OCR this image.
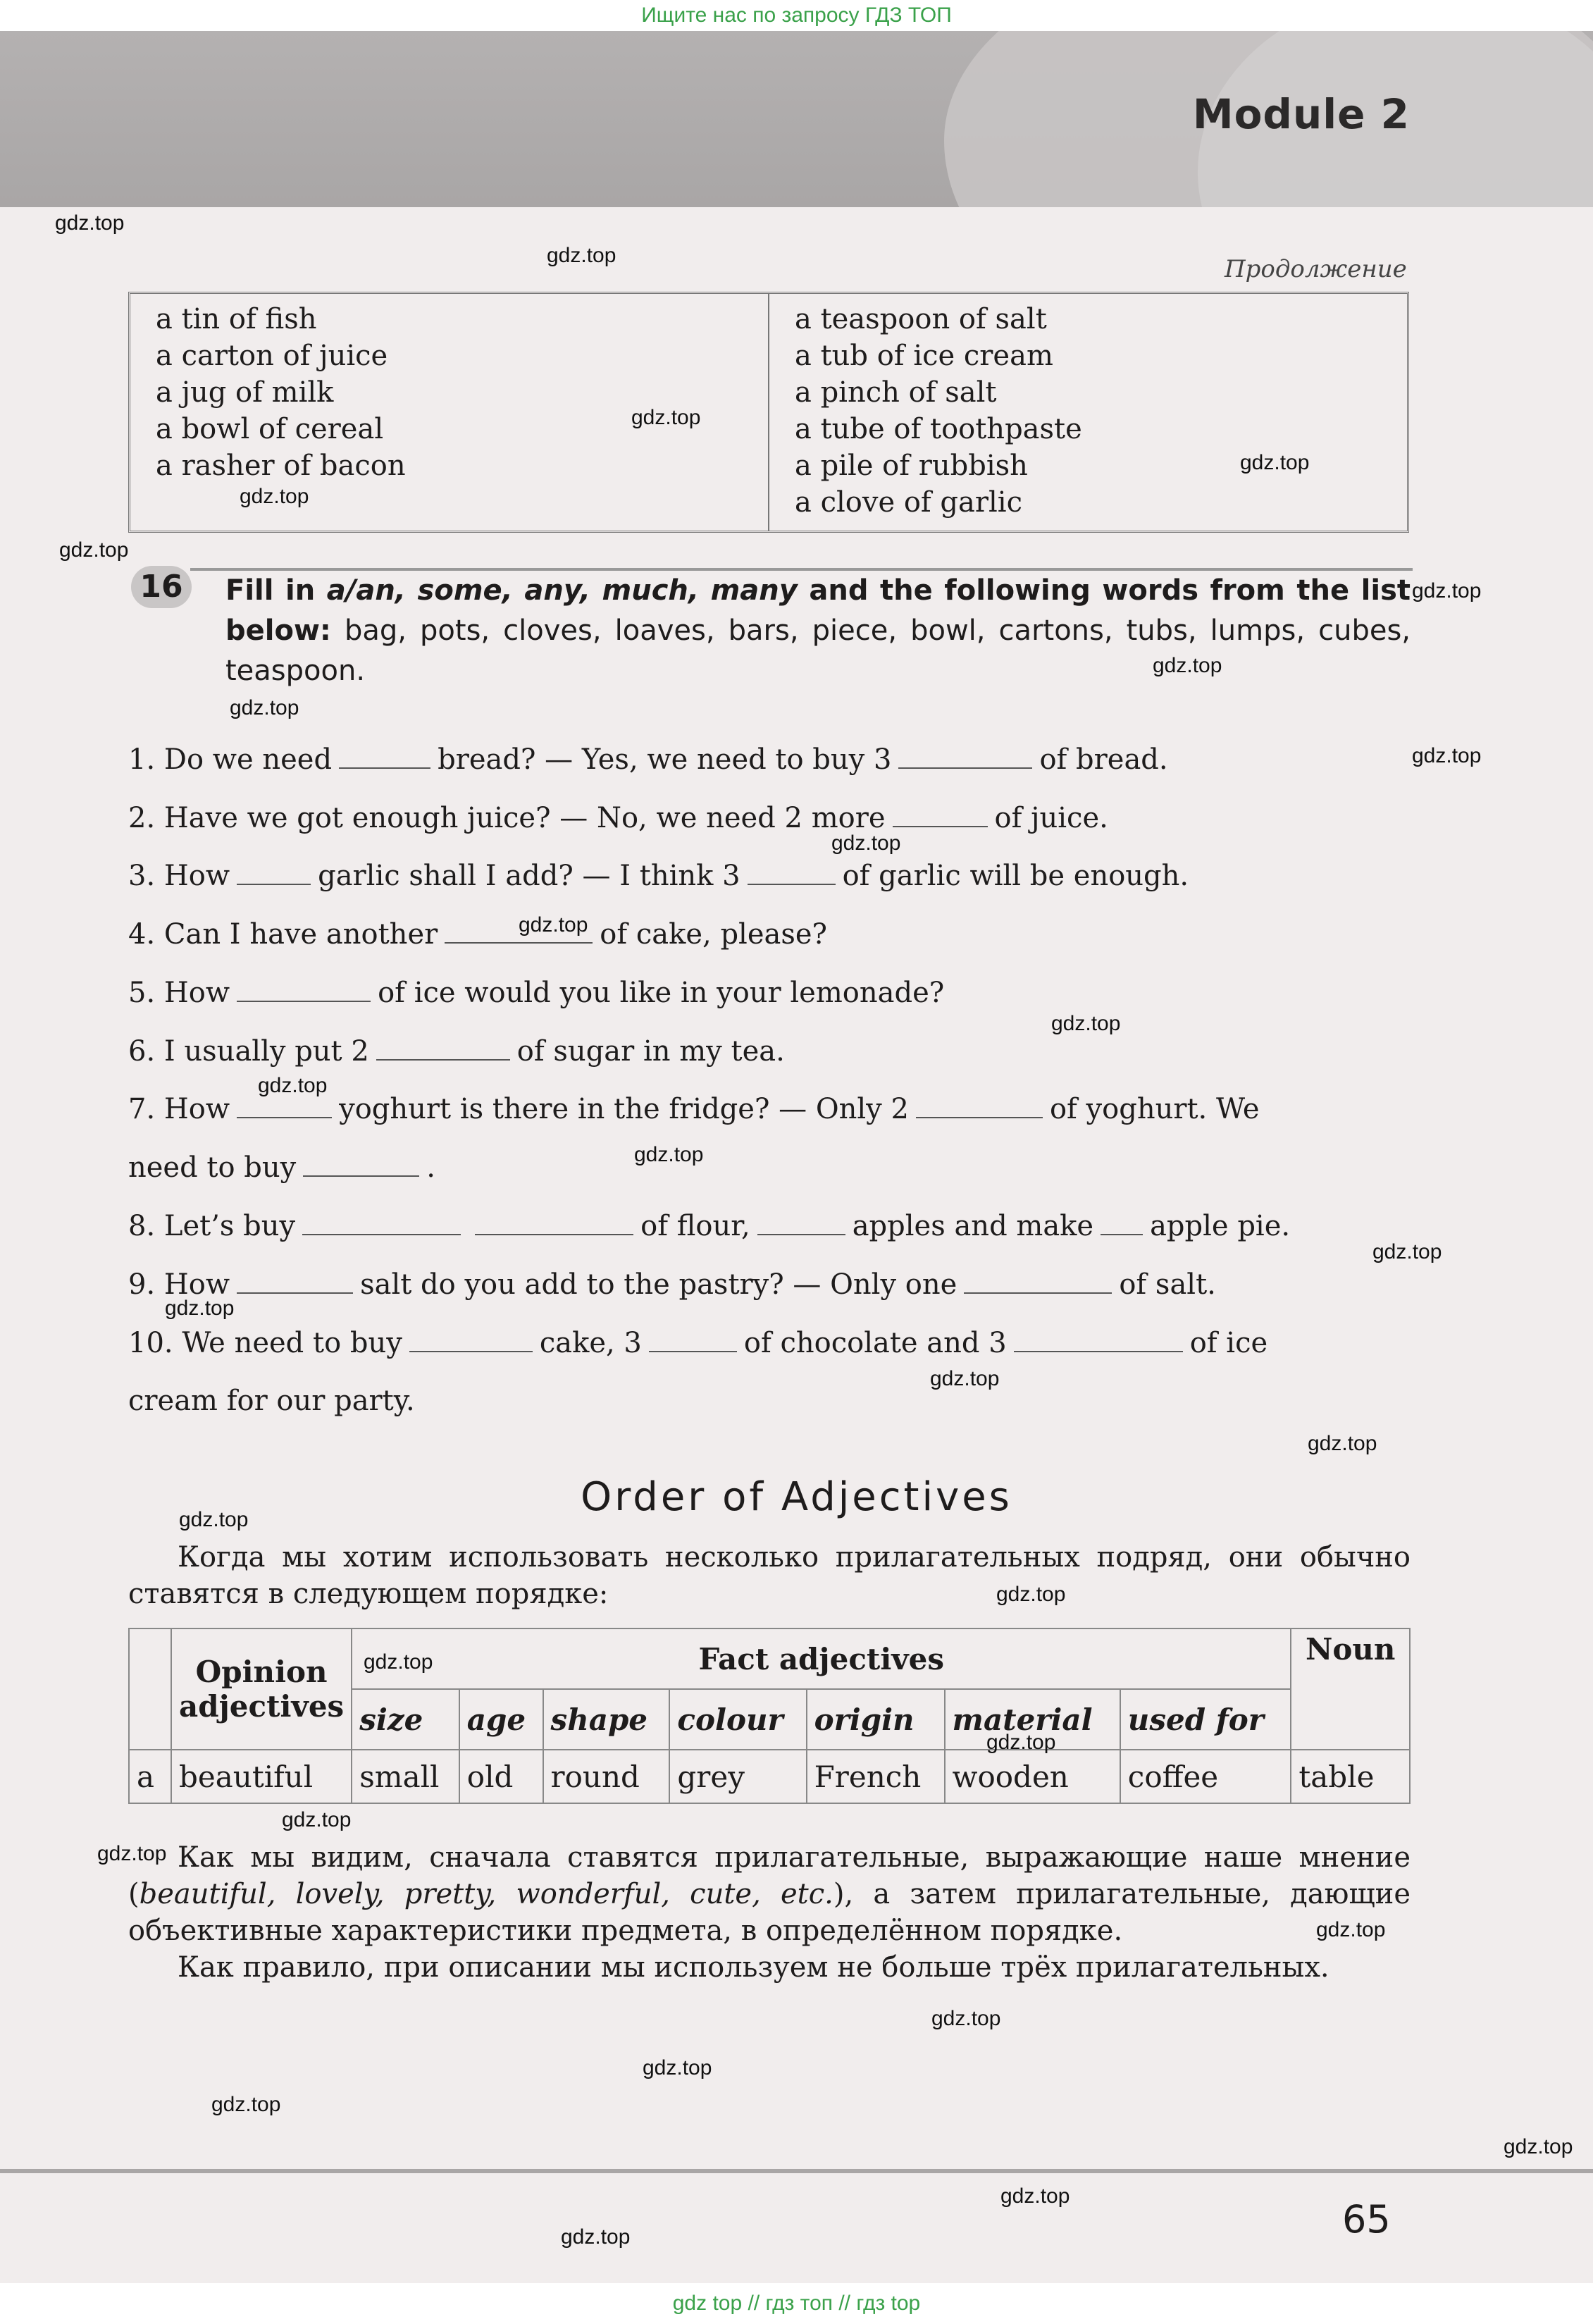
Ищите нас по запросу ГДЗ ТОП
Module 2
Продолжение
a tin of fish
a carton of juice
a jug of milk
a bowl of cereal
a rasher of bacon
a teaspoon of salt
a tub of ice cream
a pinch of salt
a tube of toothpaste
a pile of rubbish
a clove of garlic
16	Fill in a/an, some, any, much, many and the following words from the list below: bag, pots, cloves, loaves, bars, piece, bowl, cartons, tubs, lumps, cubes, teaspoon.
1. Do we need	bread? — Yes, we need to buy 3	of bread.
2. Have we got enough juice? — No, we need 2 more	of juice.
3. How	garlic shall I add? — I think 3	of garlic will be enough.
4. Can I have another	of cake, please?
5. How	of ice would you like in your lemonade?
6. I usually put 2	of sugar in my tea.
7. How	yoghurt is there in the fridge? — Only 2	of yoghurt. We
need to buy	.
8. Let’s buy	of flour,	apples and make apple pie.
9. How	salt do you add to the pastry? — Only one	of salt.
10. We need to buy	cake, 3	of chocolate and 3	of ice
cream for our party.
Order of Adjectives
Когда мы хотим использовать несколько прилагательных подряд, они обычно ставятся в следующем порядке:
	Opinion adjectives	Fact adjectives							Noun
		size	age	shape	colour	origin	material	used for	
a	beautiful	small	old	round	grey	French	wooden	coffee	table
Как мы видим, сначала ставятся прилагательные, выражающие наше мнение (beautiful, lovely, pretty, wonderful, cute, etc.), а затем прилагательные, дающие объективные характеристики предмета, в определённом порядке.
Как правило, при описании мы используем не больше трёх прилагательных.
65
gdz.top
gdz.top
gdz.top
gdz.top
gdz.top
gdz.top
gdz.top
gdz.top
gdz.top
gdz.top
gdz.top
gdz.top
gdz.top
gdz.top
gdz.top
gdz.top
gdz.top
gdz.top
gdz.top
gdz.top
gdz.top
gdz.top
gdz.top
gdz.top
gdz.top
gdz.top
gdz.top
gdz.top
gdz.top
gdz.top
gdz.top
gdz.top
gdz top // гдз топ // гдз top
